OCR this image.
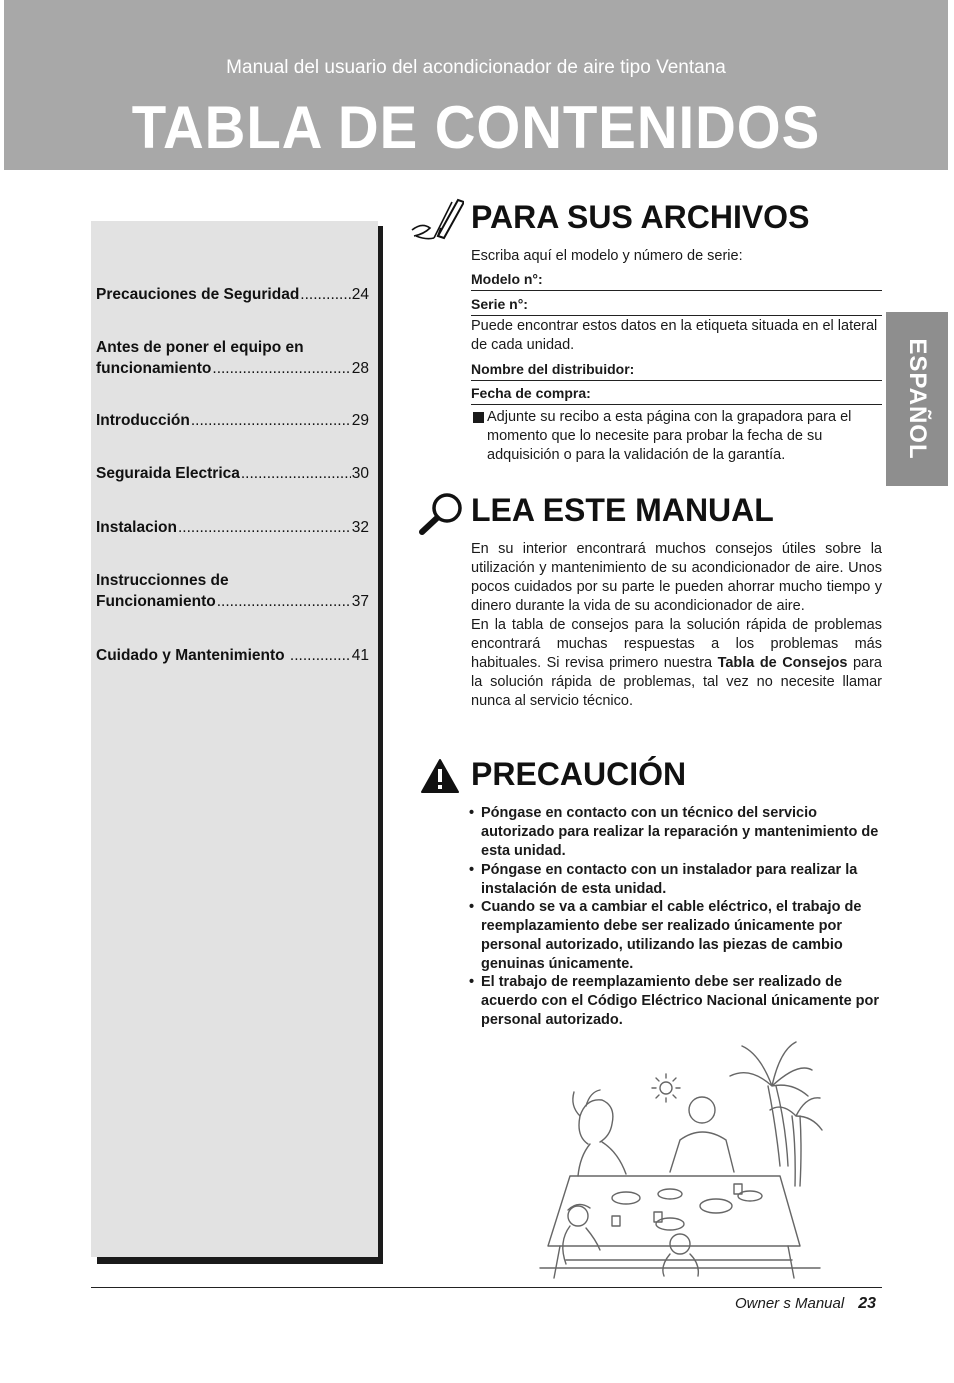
Manual del usuario del acondicionador de aire tipo Ventana
TABLA DE CONTENIDOS
Precauciones de Seguridad .....	24
Antes de poner el equipo en
funcionamiento .....	28
Introducción .....	29
Seguraida Electrica .....	30
Instalacion .....	32
Instruccionnes de
Funcionamiento .....	37
Cuidado y Mantenimiento .....	41
ESPAÑOL
PARA SUS ARCHIVOS
Escriba aquí el modelo y número de serie:
Modelo n°:
Serie n°:
Puede encontrar estos datos en la etiqueta situada en el lateral de cada unidad.
Nombre del distribuidor:
Fecha de compra:
Adjunte su recibo a esta página con la grapadora para el momento que lo necesite para probar la fecha de su adquisición o para la validación de la garantía.
LEA ESTE MANUAL
En su interior encontrará muchos consejos útiles sobre la utilización y mantenimiento de su acondicionador de aire. Unos pocos cuidados por su parte le pueden ahorrar mucho tiempo y dinero durante la vida de su acondicionador de aire.
En la tabla de consejos para la solución rápida de problemas encontrará muchas respuestas a los problemas más habituales. Si revisa primero nuestra Tabla de Consejos para la solución rápida de problemas, tal vez no necesite llamar nunca al servicio técnico.
PRECAUCIÓN
• Póngase en contacto con un técnico del servicio autorizado para realizar la reparación y mantenimiento de esta unidad.
• Póngase en contacto con un instalador para realizar la instalación de esta unidad.
• Cuando se va a cambiar el cable eléctrico, el trabajo de reemplazamiento debe ser realizado únicamente por personal autorizado, utilizando las piezas de cambio genuinas únicamente.
• El trabajo de reemplazamiento debe ser realizado de acuerdo con el Código Eléctrico Nacional únicamente por personal autorizado.
Owner s Manual 23
